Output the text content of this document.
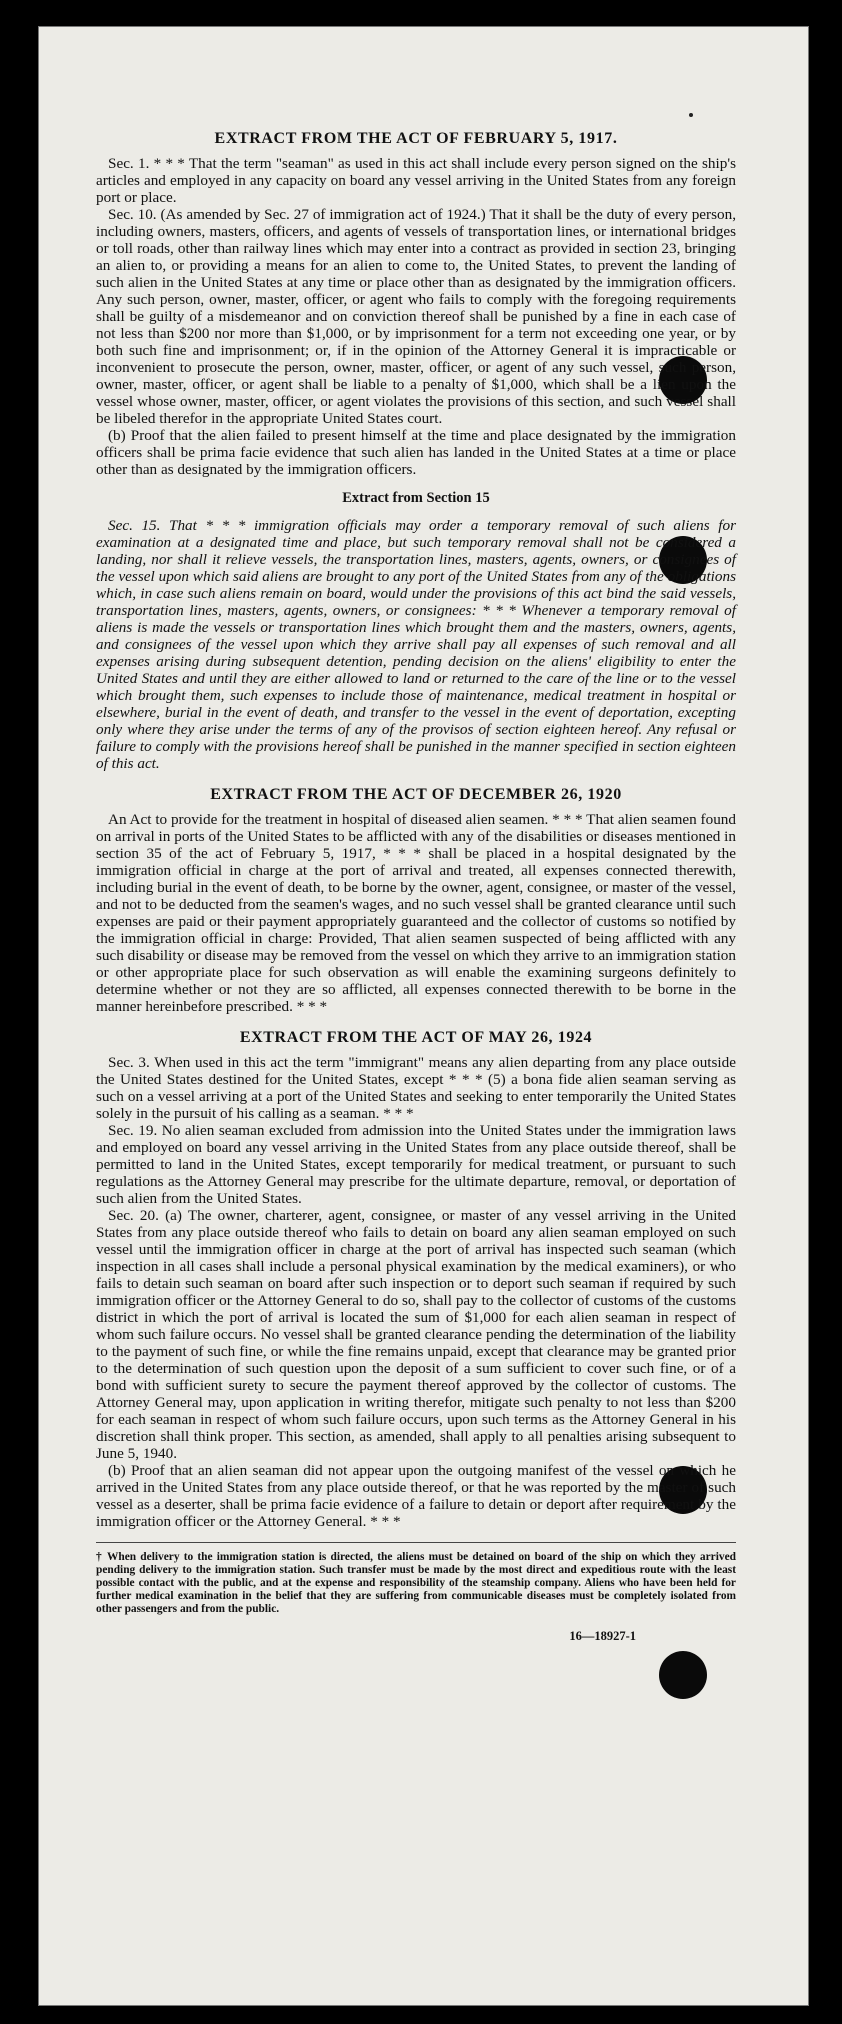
EXTRACT FROM THE ACT OF FEBRUARY 5, 1917.

Sec. 1. * * * That the term "seaman" as used in this act shall include every person signed on the ship's articles and employed in any capacity on board any vessel arriving in the United States from any foreign port or place.

Sec. 10. (As amended by Sec. 27 of immigration act of 1924.) That it shall be the duty of every person, including owners, masters, officers, and agents of vessels of transportation lines, or international bridges or toll roads, other than railway lines which may enter into a contract as provided in section 23, bringing an alien to, or providing a means for an alien to come to, the United States, to prevent the landing of such alien in the United States at any time or place other than as designated by the immigration officers. Any such person, owner, master, officer, or agent who fails to comply with the foregoing requirements shall be guilty of a misdemeanor and on conviction thereof shall be punished by a fine in each case of not less than $200 nor more than $1,000, or by imprisonment for a term not exceeding one year, or by both such fine and imprisonment; or, if in the opinion of the Attorney General it is impracticable or inconvenient to prosecute the person, owner, master, officer, or agent of any such vessel, such person, owner, master, officer, or agent shall be liable to a penalty of $1,000, which shall be a lien upon the vessel whose owner, master, officer, or agent violates the provisions of this section, and such vessel shall be libeled therefor in the appropriate United States court.

(b) Proof that the alien failed to present himself at the time and place designated by the immigration officers shall be prima facie evidence that such alien has landed in the United States at a time or place other than as designated by the immigration officers.

Extract from Section 15

Sec. 15. That * * * immigration officials may order a temporary removal of such aliens for examination at a designated time and place, but such temporary removal shall not be considered a landing, nor shall it relieve vessels, the transportation lines, masters, agents, owners, or consignees of the vessel upon which said aliens are brought to any port of the United States from any of the obligations which, in case such aliens remain on board, would under the provisions of this act bind the said vessels, transportation lines, masters, agents, owners, or consignees: * * * Whenever a temporary removal of aliens is made the vessels or transportation lines which brought them and the masters, owners, agents, and consignees of the vessel upon which they arrive shall pay all expenses of such removal and all expenses arising during subsequent detention, pending decision on the aliens' eligibility to enter the United States and until they are either allowed to land or returned to the care of the line or to the vessel which brought them, such expenses to include those of maintenance, medical treatment in hospital or elsewhere, burial in the event of death, and transfer to the vessel in the event of deportation, excepting only where they arise under the terms of any of the provisos of section eighteen hereof. Any refusal or failure to comply with the provisions hereof shall be punished in the manner specified in section eighteen of this act.

EXTRACT FROM THE ACT OF DECEMBER 26, 1920

An Act to provide for the treatment in hospital of diseased alien seamen. * * * That alien seamen found on arrival in ports of the United States to be afflicted with any of the disabilities or diseases mentioned in section 35 of the act of February 5, 1917, * * * shall be placed in a hospital designated by the immigration official in charge at the port of arrival and treated, all expenses connected therewith, including burial in the event of death, to be borne by the owner, agent, consignee, or master of the vessel, and not to be deducted from the seamen's wages, and no such vessel shall be granted clearance until such expenses are paid or their payment appropriately guaranteed and the collector of customs so notified by the immigration official in charge: Provided, That alien seamen suspected of being afflicted with any such disability or disease may be removed from the vessel on which they arrive to an immigration station or other appropriate place for such observation as will enable the examining surgeons definitely to determine whether or not they are so afflicted, all expenses connected therewith to be borne in the manner hereinbefore prescribed. * * *

EXTRACT FROM THE ACT OF MAY 26, 1924

Sec. 3. When used in this act the term "immigrant" means any alien departing from any place outside the United States destined for the United States, except * * * (5) a bona fide alien seaman serving as such on a vessel arriving at a port of the United States and seeking to enter temporarily the United States solely in the pursuit of his calling as a seaman. * * *

Sec. 19. No alien seaman excluded from admission into the United States under the immigration laws and employed on board any vessel arriving in the United States from any place outside thereof, shall be permitted to land in the United States, except temporarily for medical treatment, or pursuant to such regulations as the Attorney General may prescribe for the ultimate departure, removal, or deportation of such alien from the United States.

Sec. 20. (a) The owner, charterer, agent, consignee, or master of any vessel arriving in the United States from any place outside thereof who fails to detain on board any alien seaman employed on such vessel until the immigration officer in charge at the port of arrival has inspected such seaman (which inspection in all cases shall include a personal physical examination by the medical examiners), or who fails to detain such seaman on board after such inspection or to deport such seaman if required by such immigration officer or the Attorney General to do so, shall pay to the collector of customs of the customs district in which the port of arrival is located the sum of $1,000 for each alien seaman in respect of whom such failure occurs. No vessel shall be granted clearance pending the determination of the liability to the payment of such fine, or while the fine remains unpaid, except that clearance may be granted prior to the determination of such question upon the deposit of a sum sufficient to cover such fine, or of a bond with sufficient surety to secure the payment thereof approved by the collector of customs. The Attorney General may, upon application in writing therefor, mitigate such penalty to not less than $200 for each seaman in respect of whom such failure occurs, upon such terms as the Attorney General in his discretion shall think proper. This section, as amended, shall apply to all penalties arising subsequent to June 5, 1940.

(b) Proof that an alien seaman did not appear upon the outgoing manifest of the vessel on which he arrived in the United States from any place outside thereof, or that he was reported by the master of such vessel as a deserter, shall be prima facie evidence of a failure to detain or deport after requirement by the immigration officer or the Attorney General. * * *

† When delivery to the immigration station is directed, the aliens must be detained on board of the ship on which they arrived pending delivery to the immigration station. Such transfer must be made by the most direct and expeditious route with the least possible contact with the public, and at the expense and responsibility of the steamship company. Aliens who have been held for further medical examination in the belief that they are suffering from communicable diseases must be completely isolated from other passengers and from the public.

16—18927-1
